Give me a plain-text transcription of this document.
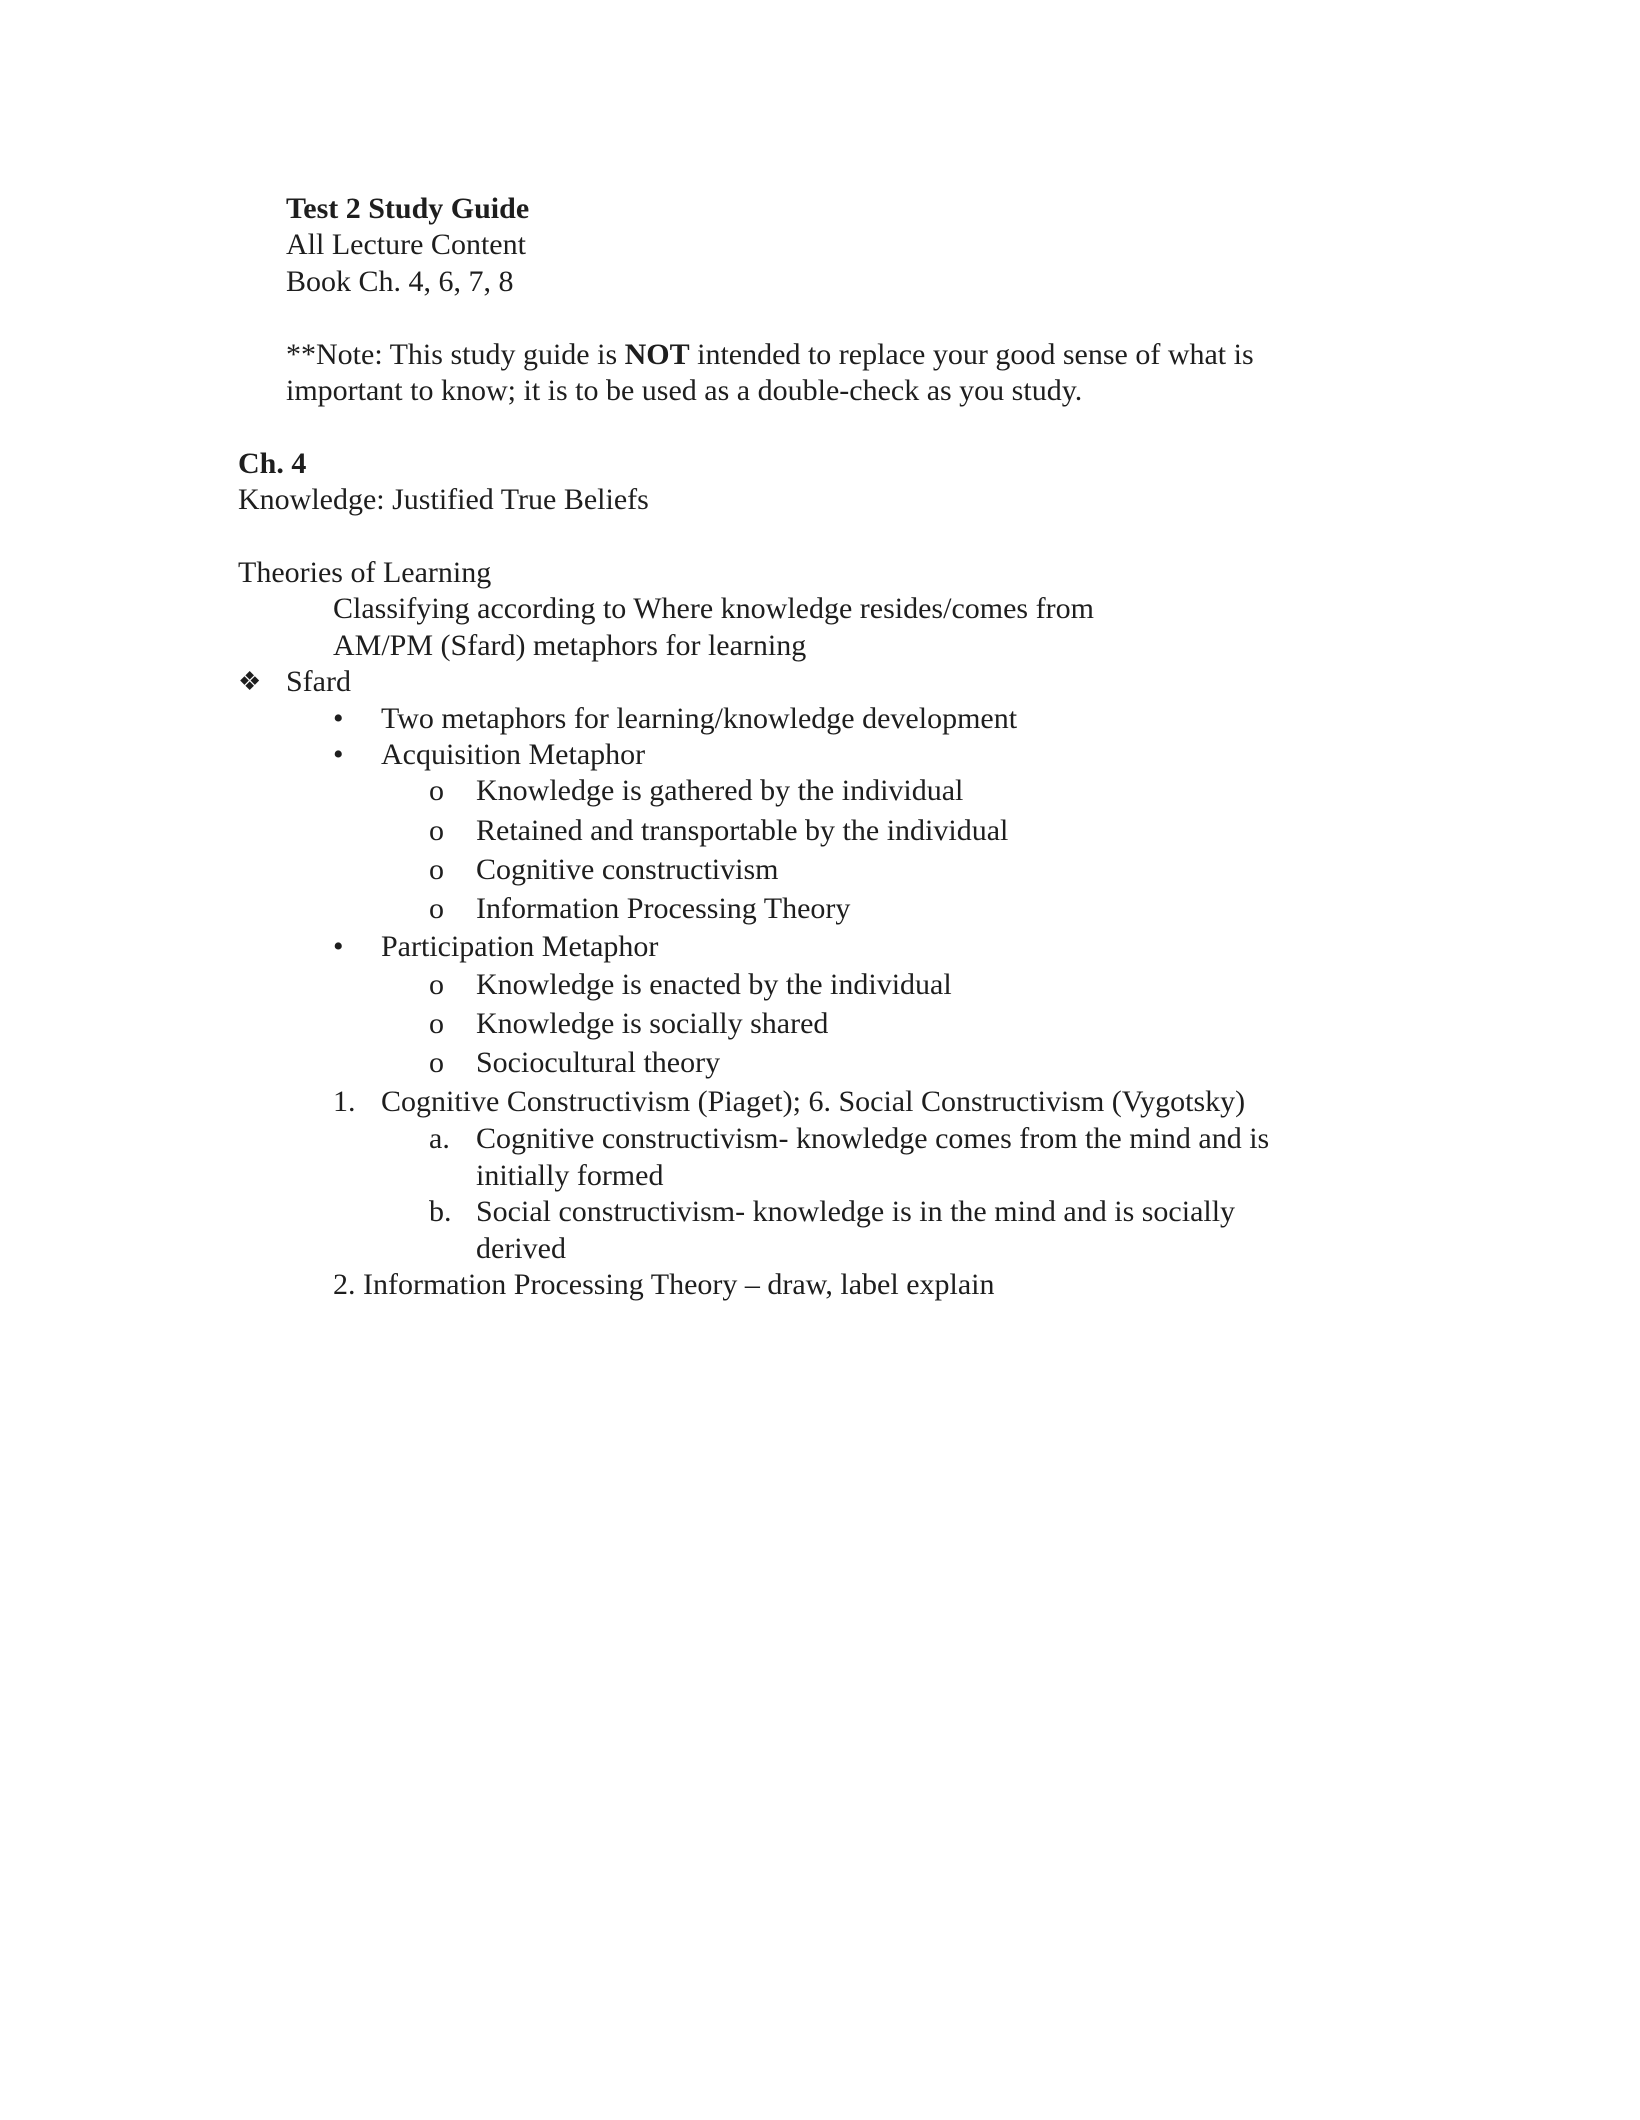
Test 2 Study Guide
All Lecture Content
Book Ch. 4, 6, 7, 8
**Note: This study guide is NOT intended to replace your good sense of what is
important to know; it is to be used as a double-check as you study.
Ch. 4
Knowledge: Justified True Beliefs
Theories of Learning
Classifying according to Where knowledge resides/comes from
AM/PM (Sfard) metaphors for learning
❖ Sfard
• Two metaphors for learning/knowledge development
• Acquisition Metaphor
o Knowledge is gathered by the individual
o Retained and transportable by the individual
o Cognitive constructivism
o Information Processing Theory
• Participation Metaphor
o Knowledge is enacted by the individual
o Knowledge is socially shared
o Sociocultural theory
1. Cognitive Constructivism (Piaget); 6. Social Constructivism (Vygotsky)
a. Cognitive constructivism- knowledge comes from the mind and is
initially formed
b. Social constructivism- knowledge is in the mind and is socially
derived
2. Information Processing Theory – draw, label explain
